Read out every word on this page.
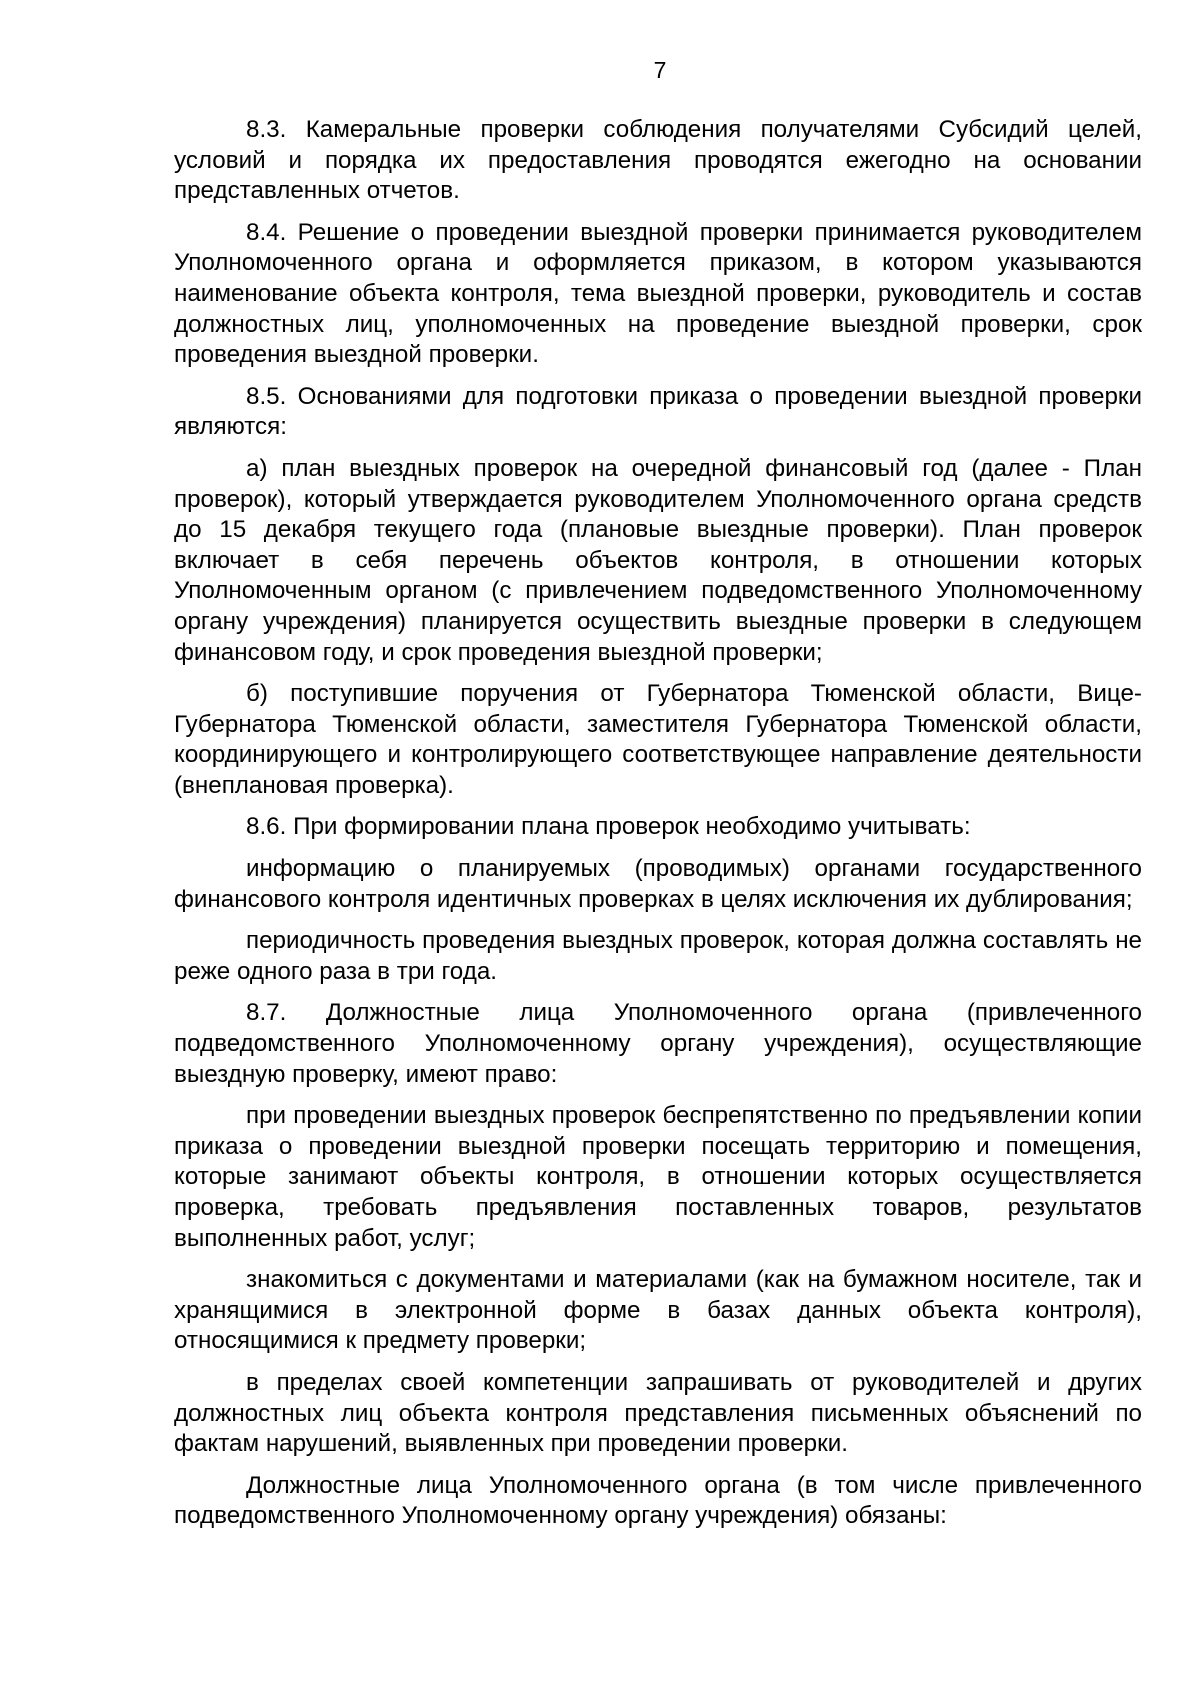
7

8.3. Камеральные проверки соблюдения получателями Субсидий целей, условий и порядка их предоставления проводятся ежегодно на основании представленных отчетов.

8.4. Решение о проведении выездной проверки принимается руководителем Уполномоченного органа и оформляется приказом, в котором указываются наименование объекта контроля, тема выездной проверки, руководитель и состав должностных лиц, уполномоченных на проведение выездной проверки, срок проведения выездной проверки.

8.5. Основаниями для подготовки приказа о проведении выездной проверки являются:

а) план выездных проверок на очередной финансовый год (далее - План проверок), который утверждается руководителем Уполномоченного органа средств до 15 декабря текущего года (плановые выездные проверки). План проверок включает в себя перечень объектов контроля, в отношении которых Уполномоченным органом (с привлечением подведомственного Уполномоченному органу учреждения) планируется осуществить выездные проверки в следующем финансовом году, и срок проведения выездной проверки;

б) поступившие поручения от Губернатора Тюменской области, Вице-Губернатора Тюменской области, заместителя Губернатора Тюменской области, координирующего и контролирующего соответствующее направление деятельности (внеплановая проверка).

8.6. При формировании плана проверок необходимо учитывать:

информацию о планируемых (проводимых) органами государственного финансового контроля идентичных проверках в целях исключения их дублирования;

периодичность проведения выездных проверок, которая должна составлять не реже одного раза в три года.

8.7. Должностные лица Уполномоченного органа (привлеченного подведомственного Уполномоченному органу учреждения), осуществляющие выездную проверку, имеют право:

при проведении выездных проверок беспрепятственно по предъявлении копии приказа о проведении выездной проверки посещать территорию и помещения, которые занимают объекты контроля, в отношении которых осуществляется проверка, требовать предъявления поставленных товаров, результатов выполненных работ, услуг;

знакомиться с документами и материалами (как на бумажном носителе, так и хранящимися в электронной форме в базах данных объекта контроля), относящимися к предмету проверки;

в пределах своей компетенции запрашивать от руководителей и других должностных лиц объекта контроля представления письменных объяснений по фактам нарушений, выявленных при проведении проверки.

Должностные лица Уполномоченного органа (в том числе привлеченного подведомственного Уполномоченному органу учреждения) обязаны:
